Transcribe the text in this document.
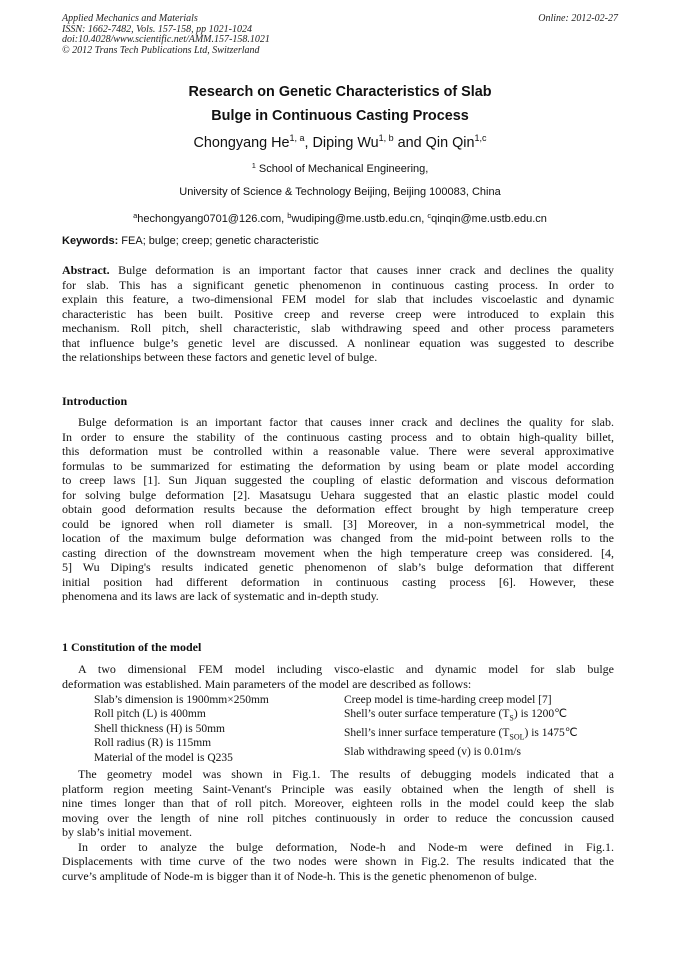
Applied Mechanics and Materials
ISSN: 1662-7482, Vols. 157-158, pp 1021-1024
doi:10.4028/www.scientific.net/AMM.157-158.1021
© 2012 Trans Tech Publications Ltd, Switzerland
Online: 2012-02-27
Research on Genetic Characteristics of Slab
Bulge in Continuous Casting Process
Chongyang He$^{1, a}$, Diping Wu$^{1, b}$ and Qin Qin$^{1,c}$
$^1$ School of Mechanical Engineering,
University of Science & Technology Beijing, Beijing 100083, China
$^a$hechongyang0701@126.com, $^b$wudiping@me.ustb.edu.cn, $^c$qinqin@me.ustb.edu.cn
Keywords: FEA; bulge; creep; genetic characteristic
Abstract. Bulge deformation is an important factor that causes inner crack and declines the quality
for slab. This has a significant genetic phenomenon in continuous casting process. In order to
explain this feature, a two-dimensional FEM model for slab that includes viscoelastic and dynamic
characteristic has been built. Positive creep and reverse creep were introduced to explain this
mechanism. Roll pitch, shell characteristic, slab withdrawing speed and other process parameters
that influence bulge’s genetic level are discussed. A nonlinear equation was suggested to describe
the relationships between these factors and genetic level of bulge.
Introduction
Bulge deformation is an important factor that causes inner crack and declines the quality for slab.
In order to ensure the stability of the continuous casting process and to obtain high-quality billet,
this deformation must be controlled within a reasonable value. There were several approximative
formulas to be summarized for estimating the deformation by using beam or plate model according
to creep laws [1]. Sun Jiquan suggested the coupling of elastic deformation and viscous deformation
for solving bulge deformation [2]. Masatsugu Uehara suggested that an elastic plastic model could
obtain good deformation results because the deformation effect brought by high temperature creep
could be ignored when roll diameter is small. [3] Moreover, in a non-symmetrical model, the
location of the maximum bulge deformation was changed from the mid-point between rolls to the
casting direction of the downstream movement when the high temperature creep was considered. [4,
5] Wu Diping's results indicated genetic phenomenon of slab’s bulge deformation that different
initial position had different deformation in continuous casting process [6]. However, these
phenomena and its laws are lack of systematic and in-depth study.
1 Constitution of the model
A two dimensional FEM model including visco-elastic and dynamic model for slab bulge
deformation was established. Main parameters of the model are described as follows:
Slab’s dimension is 1900mm×250mm
Roll pitch (L) is 400mm
Shell thickness (H) is 50mm
Roll radius (R) is 115mm
Material of the model is Q235
Creep model is time-harding creep model [7]
Shell’s outer surface temperature $(T_S)$ is 1200℃
Shell’s inner surface temperature $(T_{SOL})$ is 1475℃
Slab withdrawing speed (v) is 0.01m/s
The geometry model was shown in Fig.1. The results of debugging models indicated that a
platform region meeting Saint-Venant's Principle was easily obtained when the length of shell is
nine times longer than that of roll pitch. Moreover, eighteen rolls in the model could keep the slab
moving over the length of nine roll pitches continuously in order to reduce the concussion caused
by slab’s initial movement.
In order to analyze the bulge deformation, Node-h and Node-m were defined in Fig.1.
Displacements with time curve of the two nodes were shown in Fig.2. The results indicated that the
curve’s amplitude of Node-m is bigger than it of Node-h. This is the genetic phenomenon of bulge.
